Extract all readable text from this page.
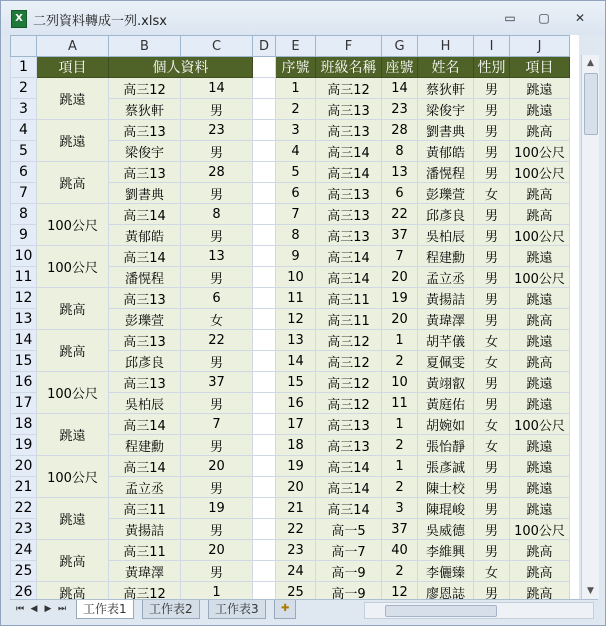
X 二列資料轉成一列.xlsx	▭	▢	✕
	A	B	C	D	E	F	G	H	I	J
1	項目	個人資料			序號	班級名稱	座號	姓名	性別	項目
2	跳遠	高三12	14		1	高三12	14	蔡狄軒	男	跳遠
3		蔡狄軒	男		2	高三13	23	梁俊宇	男	跳遠
4	跳遠	高三13	23		3	高三13	28	劉書典	男	跳高
5		梁俊宇	男		4	高三14	8	黃郁皓	男	100公尺
6	跳高	高三13	28		5	高三14	13	潘愰程	男	100公尺
7		劉書典	男		6	高三13	6	彭瓅萱	女	跳高
8	100公尺	高三14	8		7	高三13	22	邱彥良	男	跳高
9		黃郁皓	男		8	高三13	37	吳柏辰	男	100公尺
10	100公尺	高三14	13		9	高三14	7	程建勳	男	跳遠
11		潘愰程	男		10	高三14	20	孟立丞	男	100公尺
12	跳高	高三13	6		11	高三11	19	黃揚詰	男	跳遠
13		彭瓅萱	女		12	高三11	20	黃瑋澤	男	跳高
14	跳高	高三13	22		13	高三12	1	胡芊儀	女	跳遠
15		邱彥良	男		14	高三12	2	夏佩雯	女	跳高
16	100公尺	高三13	37		15	高三12	10	黃翊叡	男	跳遠
17		吳柏辰	男		16	高三12	11	黃庭佑	男	跳遠
18	跳遠	高三14	7		17	高三13	1	胡婉如	女	100公尺
19		程建勳	男		18	高三13	2	張怡靜	女	跳遠
20	100公尺	高三14	20		19	高三14	1	張彥誠	男	跳遠
21		孟立丞	男		20	高三14	2	陳士校	男	跳遠
22	跳遠	高三11	19		21	高三14	3	陳琨峻	男	跳遠
23		黃揚詰	男		22	高一5	37	吳威德	男	100公尺
24	跳高	高三11	20		23	高一7	40	李維興	男	跳高
25		黃瑋澤	男		24	高一9	2	李儷臻	女	跳高
26	跳高	高三12	1		25	高一9	12	廖恩誌	男	跳高
▲
▼
⏮ ◀ ▶ ⏭	工作表1	工作表2	工作表3	✚
